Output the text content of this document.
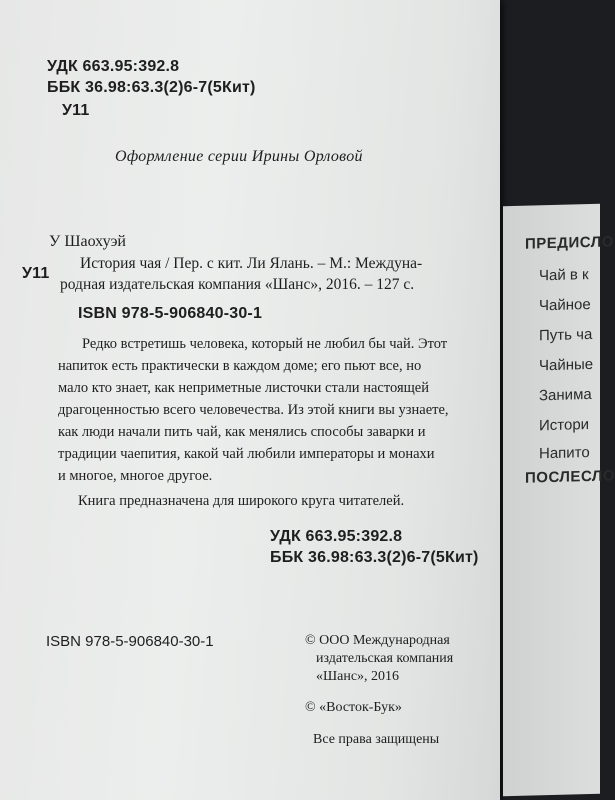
УДК 663.95:392.8
ББК 36.98:63.3(2)6-7(5Кит)
У11
Оформление серии Ирины Орловой
У Шаохуэй
У11
История чая / Пер. с кит. Ли Ялань. – М.: Междуна-
родная издательская компания «Шанс», 2016. – 127 с.
ISBN 978-5-906840-30-1
Редко встретишь человека, который не любил бы чай. Этот
напиток есть практически в каждом доме; его пьют все, но
мало кто знает, как неприметные листочки стали настоящей
драгоценностью всего человечества. Из этой книги вы узнаете,
как люди начали пить чай, как менялись способы заварки и
традиции чаепития, какой чай любили императоры и монахи
и многое, многое другое.
Книга предназначена для широкого круга читателей.
УДК 663.95:392.8
ББК 36.98:63.3(2)6-7(5Кит)
ISBN 978-5-906840-30-1	© ООО Международная
издательская компания
«Шанс», 2016
© «Восток-Бук»
Все права защищены
ПРЕДИСЛО
Чай в к
Чайное
Путь ча
Чайные
Занима
Истори
Напито
ПОСЛЕСЛО
